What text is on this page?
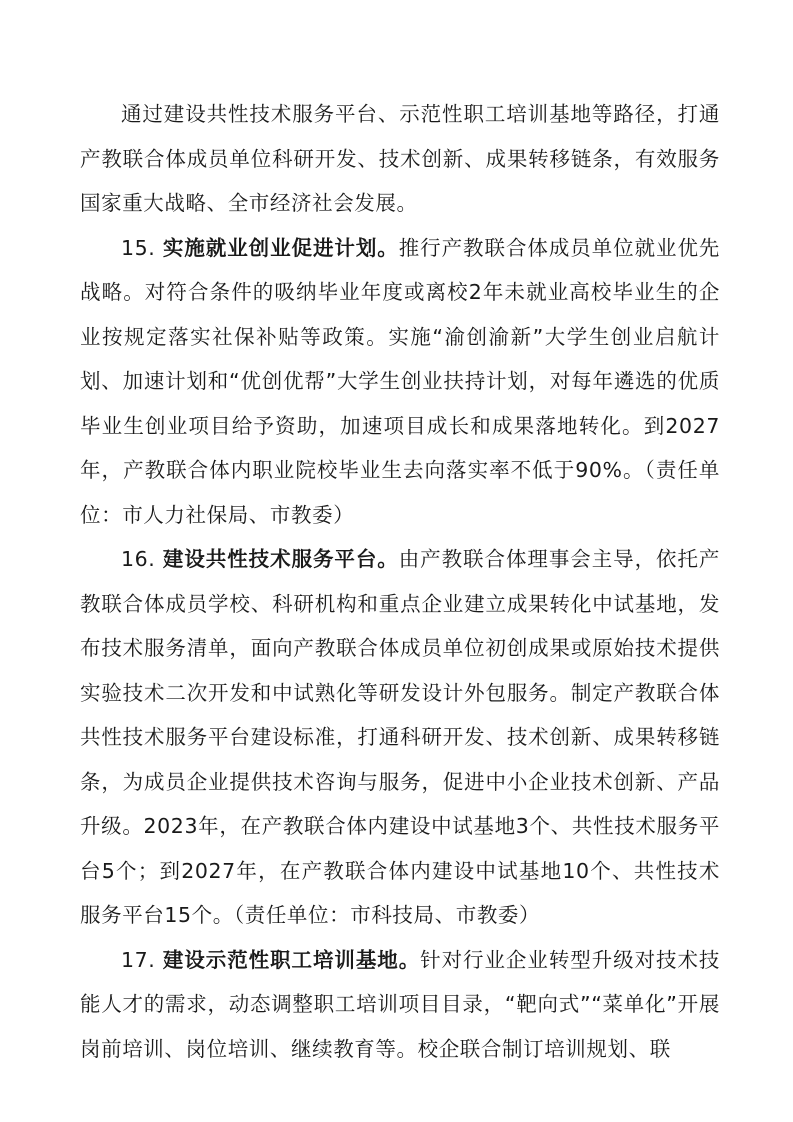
通过建设共性技术服务平台、示范性职工培训基地等路径，打通产教联合体成员单位科研开发、技术创新、成果转移链条，有效服务国家重大战略、全市经济社会发展。

15. 实施就业创业促进计划。推行产教联合体成员单位就业优先战略。对符合条件的吸纳毕业年度或离校2年未就业高校毕业生的企业按规定落实社保补贴等政策。实施“渝创渝新”大学生创业启航计划、加速计划和“优创优帮”大学生创业扶持计划，对每年遴选的优质毕业生创业项目给予资助，加速项目成长和成果落地转化。到2027年，产教联合体内职业院校毕业生去向落实率不低于90%。（责任单位：市人力社保局、市教委）

16. 建设共性技术服务平台。由产教联合体理事会主导，依托产教联合体成员学校、科研机构和重点企业建立成果转化中试基地，发布技术服务清单，面向产教联合体成员单位初创成果或原始技术提供实验技术二次开发和中试熟化等研发设计外包服务。制定产教联合体共性技术服务平台建设标准，打通科研开发、技术创新、成果转移链条，为成员企业提供技术咨询与服务，促进中小企业技术创新、产品升级。2023年，在产教联合体内建设中试基地3个、共性技术服务平台5个；到2027年，在产教联合体内建设中试基地10个、共性技术服务平台15个。（责任单位：市科技局、市教委）

17. 建设示范性职工培训基地。针对行业企业转型升级对技术技能人才的需求，动态调整职工培训项目目录，“靶向式”“菜单化”开展岗前培训、岗位培训、继续教育等。校企联合制订培训规划、联
